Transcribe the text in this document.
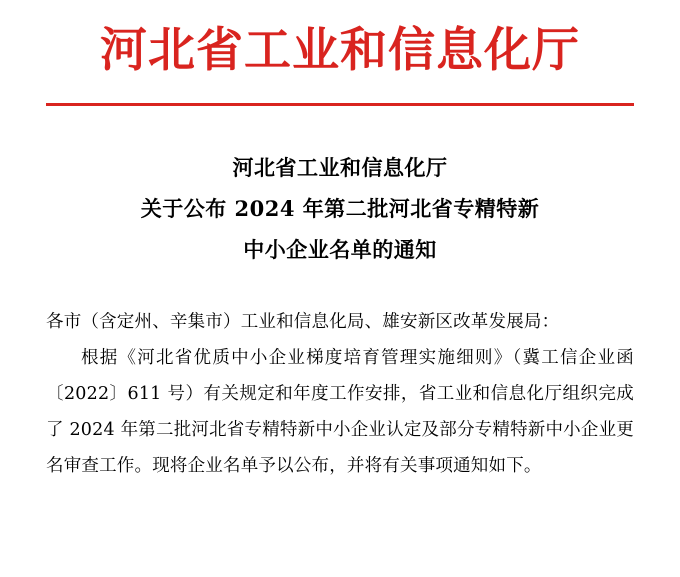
河北省工业和信息化厅
河北省工业和信息化厅
关于公布 2024 年第二批河北省专精特新
中小企业名单的通知

各市（含定州、辛集市）工业和信息化局、雄安新区改革发展局：

根据《河北省优质中小企业梯度培育管理实施细则》（冀工信企业函〔2022〕611 号）有关规定和年度工作安排，省工业和信息化厅组织完成了 2024 年第二批河北省专精特新中小企业认定及部分专精特新中小企业更名审查工作。现将企业名单予以公布，并将有关事项通知如下。
